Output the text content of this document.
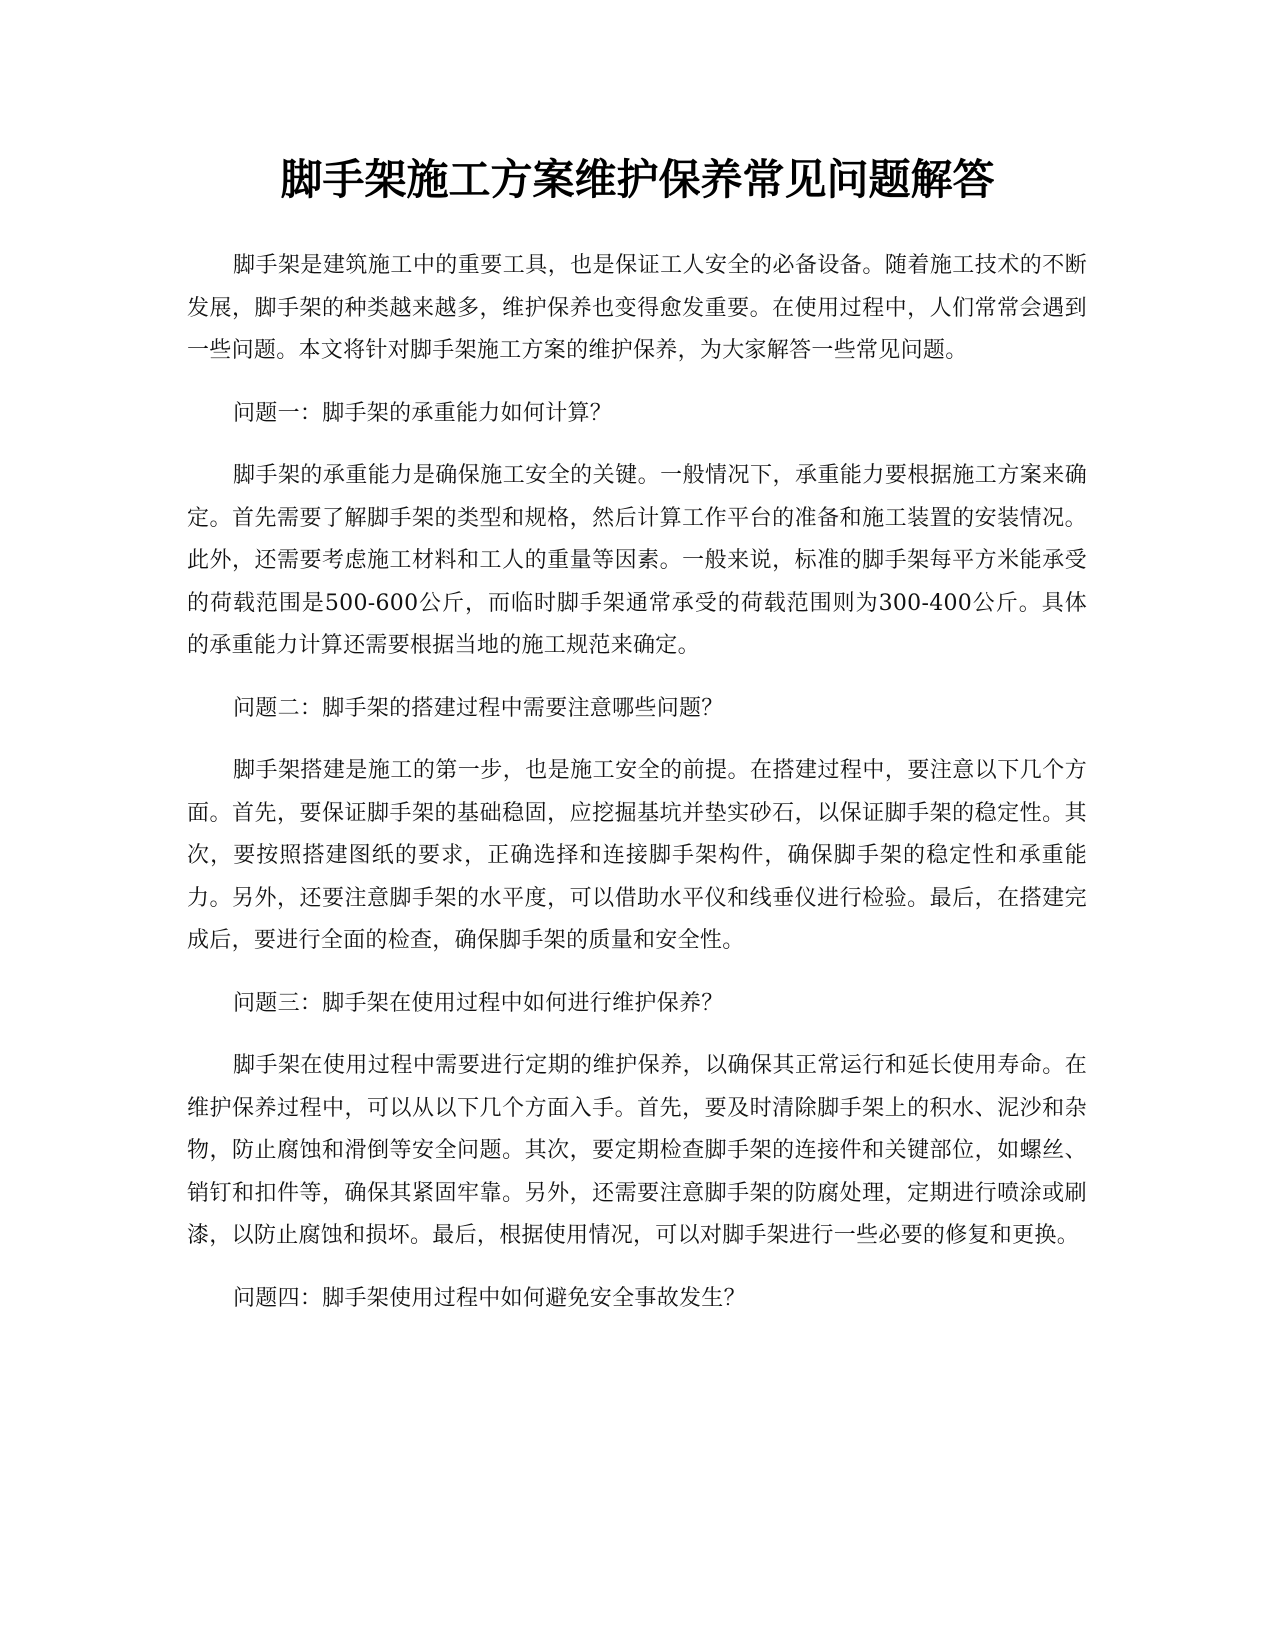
脚手架施工方案维护保养常见问题解答

脚手架是建筑施工中的重要工具，也是保证工人安全的必备设备。随着施工技术的不断发展，脚手架的种类越来越多，维护保养也变得愈发重要。在使用过程中，人们常常会遇到一些问题。本文将针对脚手架施工方案的维护保养，为大家解答一些常见问题。

问题一：脚手架的承重能力如何计算？

脚手架的承重能力是确保施工安全的关键。一般情况下，承重能力要根据施工方案来确定。首先需要了解脚手架的类型和规格，然后计算工作平台的准备和施工装置的安装情况。此外，还需要考虑施工材料和工人的重量等因素。一般来说，标准的脚手架每平方米能承受的荷载范围是500-600公斤，而临时脚手架通常承受的荷载范围则为300-400公斤。具体的承重能力计算还需要根据当地的施工规范来确定。

问题二：脚手架的搭建过程中需要注意哪些问题？

脚手架搭建是施工的第一步，也是施工安全的前提。在搭建过程中，要注意以下几个方面。首先，要保证脚手架的基础稳固，应挖掘基坑并垫实砂石，以保证脚手架的稳定性。其次，要按照搭建图纸的要求，正确选择和连接脚手架构件，确保脚手架的稳定性和承重能力。另外，还要注意脚手架的水平度，可以借助水平仪和线垂仪进行检验。最后，在搭建完成后，要进行全面的检查，确保脚手架的质量和安全性。

问题三：脚手架在使用过程中如何进行维护保养？

脚手架在使用过程中需要进行定期的维护保养，以确保其正常运行和延长使用寿命。在维护保养过程中，可以从以下几个方面入手。首先，要及时清除脚手架上的积水、泥沙和杂物，防止腐蚀和滑倒等安全问题。其次，要定期检查脚手架的连接件和关键部位，如螺丝、销钉和扣件等，确保其紧固牢靠。另外，还需要注意脚手架的防腐处理，定期进行喷涂或刷漆，以防止腐蚀和损坏。最后，根据使用情况，可以对脚手架进行一些必要的修复和更换。

问题四：脚手架使用过程中如何避免安全事故发生？
